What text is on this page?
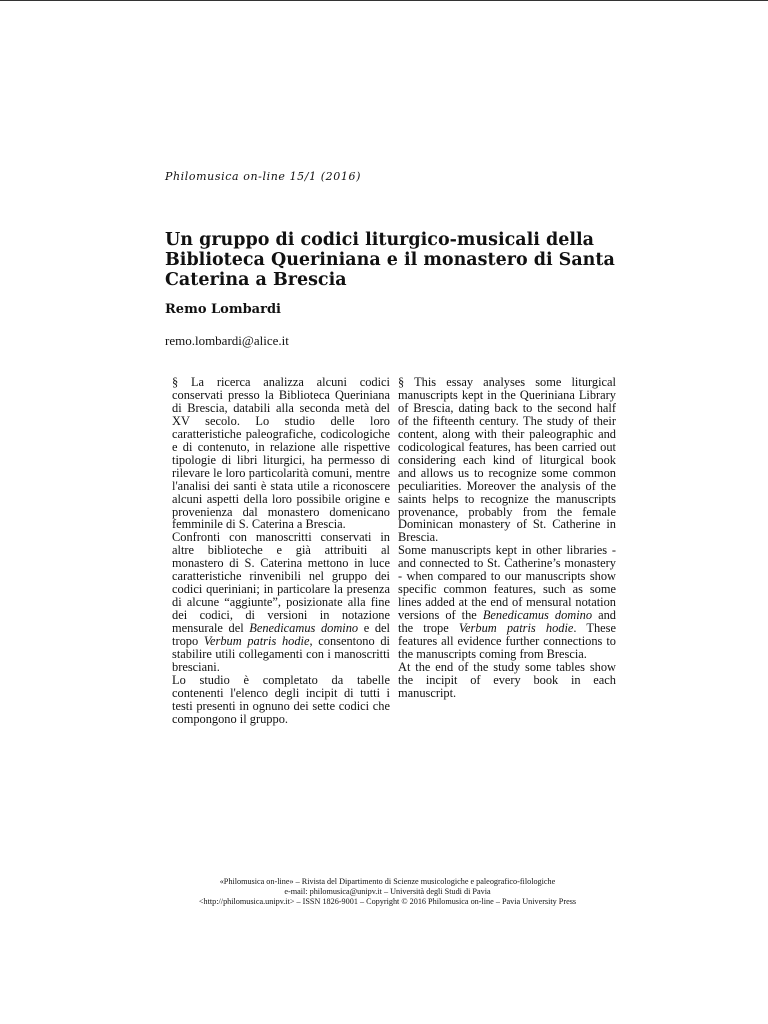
Philomusica on-line 15/1 (2016)
Un gruppo di codici liturgico-musicali della Biblioteca Queriniana e il monastero di Santa Caterina a Brescia
Remo Lombardi
remo.lombardi@alice.it

§ La ricerca analizza alcuni codici conservati presso la Biblioteca Queriniana di Brescia, databili alla seconda metà del XV secolo. Lo studio delle loro caratteristiche paleografiche, codicologiche e di contenuto, in relazione alle rispettive tipologie di libri liturgici, ha permesso di rilevare le loro particolarità comuni, mentre l'analisi dei santi è stata utile a riconoscere alcuni aspetti della loro possibile origine e provenienza dal monastero domenicano femminile di S. Caterina a Brescia.

Confronti con manoscritti conservati in altre biblioteche e già attribuiti al monastero di S. Caterina mettono in luce caratteristiche rinvenibili nel gruppo dei codici queriniani; in particolare la presenza di alcune “aggiunte”, posizionate alla fine dei codici, di versioni in notazione mensurale del Benedicamus domino e del tropo Verbum patris hodie, consentono di stabilire utili collegamenti con i manoscritti bresciani.

Lo studio è completato da tabelle contenenti l'elenco degli incipit di tutti i testi presenti in ognuno dei sette codici che compongono il gruppo.

§ This essay analyses some liturgical manuscripts kept in the Queriniana Library of Brescia, dating back to the second half of the fifteenth century. The study of their content, along with their paleographic and codicological features, has been carried out considering each kind of liturgical book and allows us to recognize some common peculiarities. Moreover the analysis of the saints helps to recognize the manuscripts provenance, probably from the female Dominican monastery of St. Catherine in Brescia.

Some manuscripts kept in other libraries - and connected to St. Catherine’s monastery - when compared to our manuscripts show specific common features, such as some lines added at the end of mensural notation versions of the Benedicamus domino and the trope Verbum patris hodie. These features all evidence further connections to the manuscripts coming from Brescia.

At the end of the study some tables show the incipit of every book in each manuscript.

«Philomusica on-line» – Rivista del Dipartimento di Scienze musicologiche e paleografico-filologiche
e-mail: philomusica@unipv.it – Università degli Studi di Pavia
<http://philomusica.unipv.it> – ISSN 1826-9001 – Copyright © 2016 Philomusica on-line – Pavia University Press
